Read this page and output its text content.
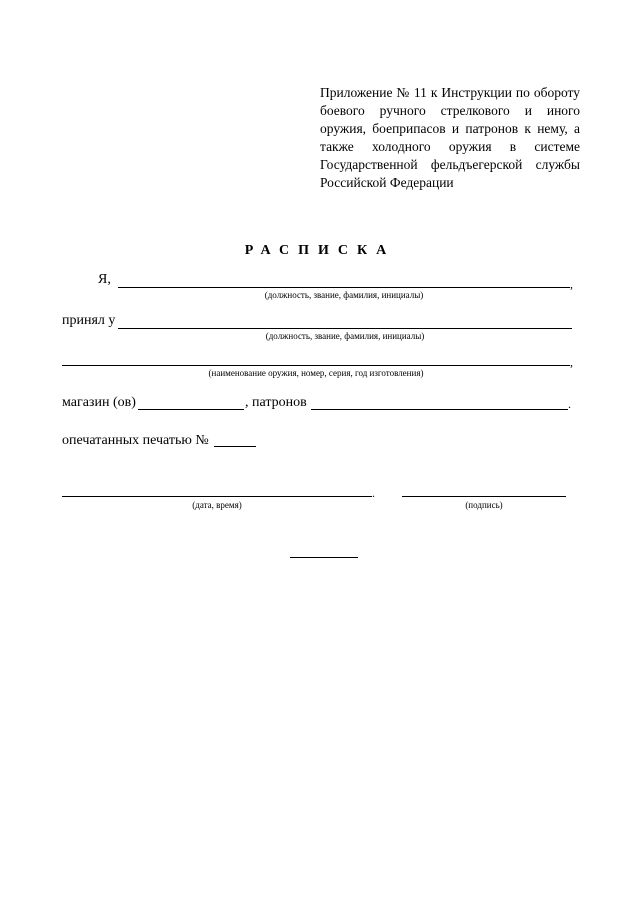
Приложение № 11 к Инструкции по обороту боевого ручного стрелкового и иного оружия, боеприпасов и патронов к нему, а также холодного оружия в системе Государственной фельдъегерской службы Российской Федерации
РАСПИСКА
Я,	,
(должность, звание, фамилия, инициалы)
принял у
(должность, звание, фамилия, инициалы)
,
(наименование оружия, номер, серия, год изготовления)
магазин (ов)	, патронов	.
опечатанных печатью №
.
(дата, время)	(подпись)
